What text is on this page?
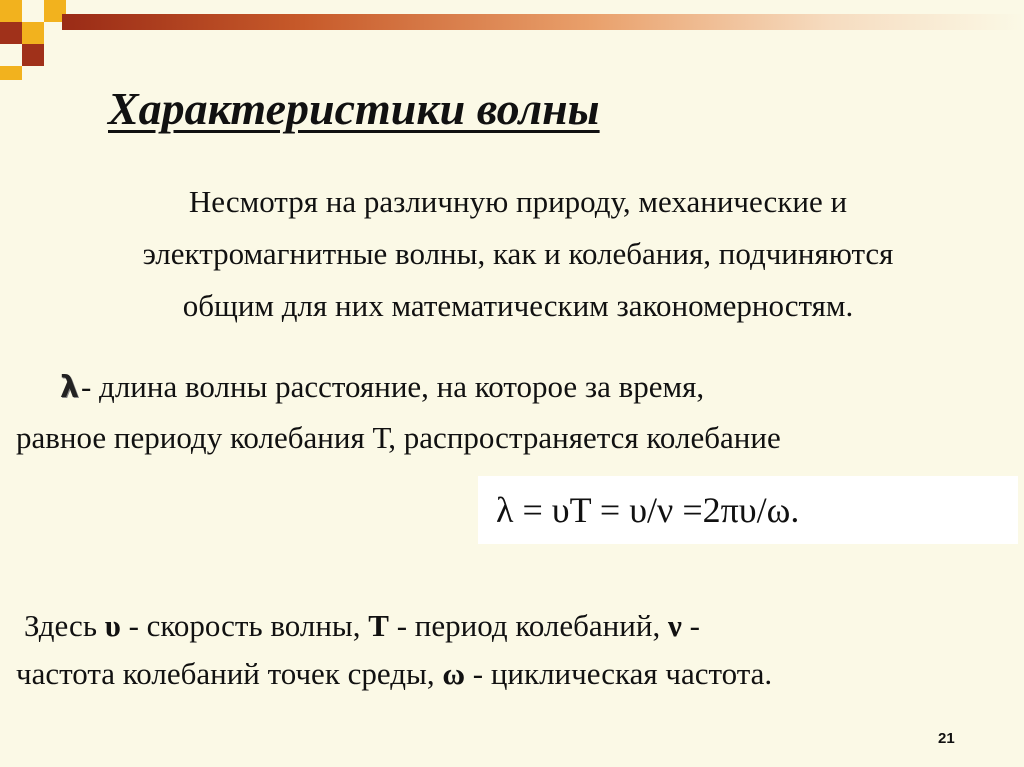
Характеристики волны

Несмотря на различную природу, механические и
электромагнитные волны, как и колебания, подчиняются
общим для них математическим закономерностям.

λ- длина волны расстояние, на которое за время,
равное периоду колебания Т, распространяется колебание

λ = υT = υ/ν =2πυ/ω.

Здесь υ - скорость волны, Т - период колебаний, ν -
частота колебаний точек среды, ω - циклическая частота.

21
